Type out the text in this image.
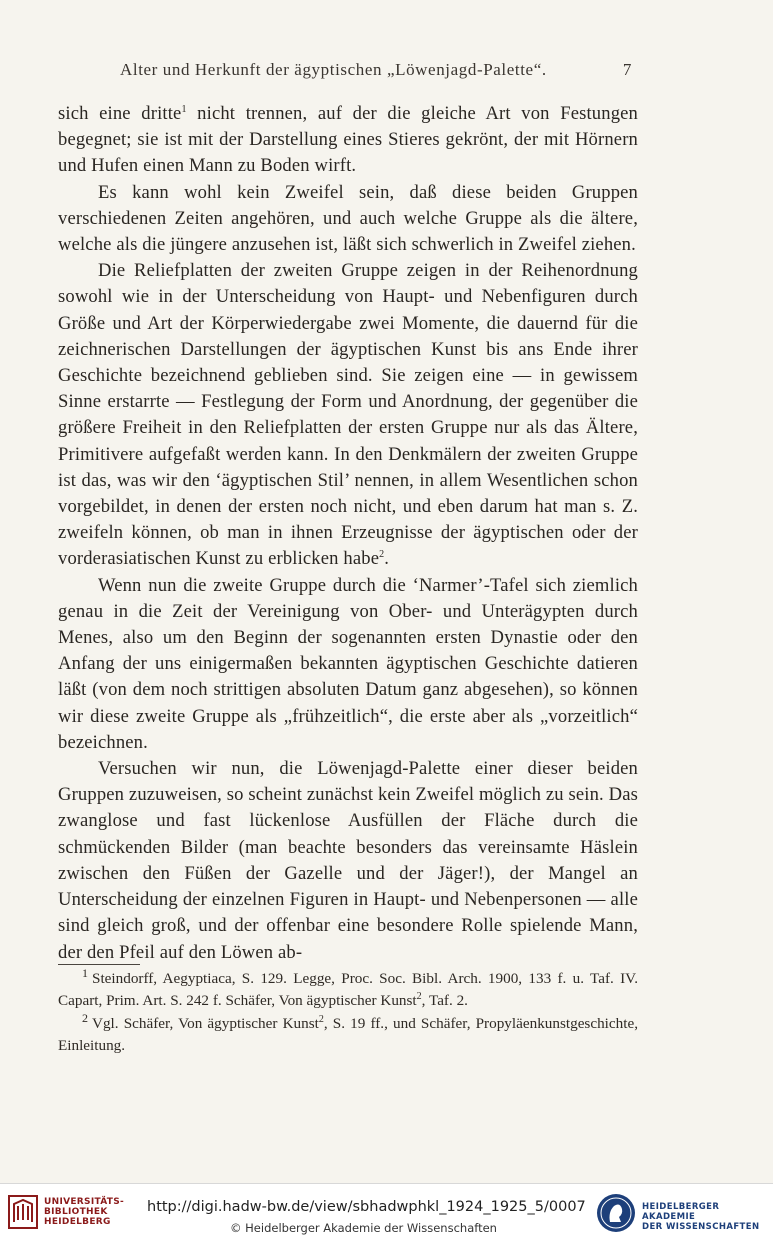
Alter und Herkunft der ägyptischen „Löwenjagd-Palette“.	7

sich eine dritte$^1$ nicht trennen, auf der die gleiche Art von Festungen begegnet; sie ist mit der Darstellung eines Stieres gekrönt, der mit Hörnern und Hufen einen Mann zu Boden wirft.

Es kann wohl kein Zweifel sein, daß diese beiden Gruppen verschiedenen Zeiten angehören, und auch welche Gruppe als die ältere, welche als die jüngere anzusehen ist, läßt sich schwerlich in Zweifel ziehen.

Die Reliefplatten der zweiten Gruppe zeigen in der Reihenordnung sowohl wie in der Unterscheidung von Haupt- und Nebenfiguren durch Größe und Art der Körperwiedergabe zwei Momente, die dauernd für die zeichnerischen Darstellungen der ägyptischen Kunst bis ans Ende ihrer Geschichte bezeichnend geblieben sind. Sie zeigen eine — in gewissem Sinne erstarrte — Festlegung der Form und Anordnung, der gegenüber die größere Freiheit in den Reliefplatten der ersten Gruppe nur als das Ältere, Primitivere aufgefaßt werden kann. In den Denkmälern der zweiten Gruppe ist das, was wir den ‘ägyptischen Stil’ nennen, in allem Wesentlichen schon vorgebildet, in denen der ersten noch nicht, und eben darum hat man s. Z. zweifeln können, ob man in ihnen Erzeugnisse der ägyptischen oder der vorderasiatischen Kunst zu erblicken habe$^2$.

Wenn nun die zweite Gruppe durch die ‘Narmer’-Tafel sich ziemlich genau in die Zeit der Vereinigung von Ober- und Unterägypten durch Menes, also um den Beginn der sogenannten ersten Dynastie oder den Anfang der uns einigermaßen bekannten ägyptischen Geschichte datieren läßt (von dem noch strittigen absoluten Datum ganz abgesehen), so können wir diese zweite Gruppe als „frühzeitlich“, die erste aber als „vorzeitlich“ bezeichnen.

Versuchen wir nun, die Löwenjagd-Palette einer dieser beiden Gruppen zuzuweisen, so scheint zunächst kein Zweifel möglich zu sein. Das zwanglose und fast lückenlose Ausfüllen der Fläche durch die schmückenden Bilder (man beachte besonders das vereinsamte Häslein zwischen den Füßen der Gazelle und der Jäger!), der Mangel an Unterscheidung der einzelnen Figuren in Haupt- und Nebenpersonen — alle sind gleich groß, und der offenbar eine besondere Rolle spielende Mann, der den Pfeil auf den Löwen ab-

$^1$ Steindorff, Aegyptiaca, S. 129. Legge, Proc. Soc. Bibl. Arch. 1900, 133 f. u. Taf. IV. Capart, Prim. Art. S. 242 f. Schäfer, Von ägyptischer Kunst$^2$, Taf. 2.

$^2$ Vgl. Schäfer, Von ägyptischer Kunst$^2$, S. 19 ff., und Schäfer, Propyläenkunstgeschichte, Einleitung.

UNIVERSITÄTS-
BIBLIOTHEK
HEIDELBERG
http://digi.hadw-bw.de/view/sbhadwphkl_1924_1925_5/0007
© Heidelberger Akademie der Wissenschaften
HEIDELBERGER AKADEMIE
DER WISSENSCHAFTEN
